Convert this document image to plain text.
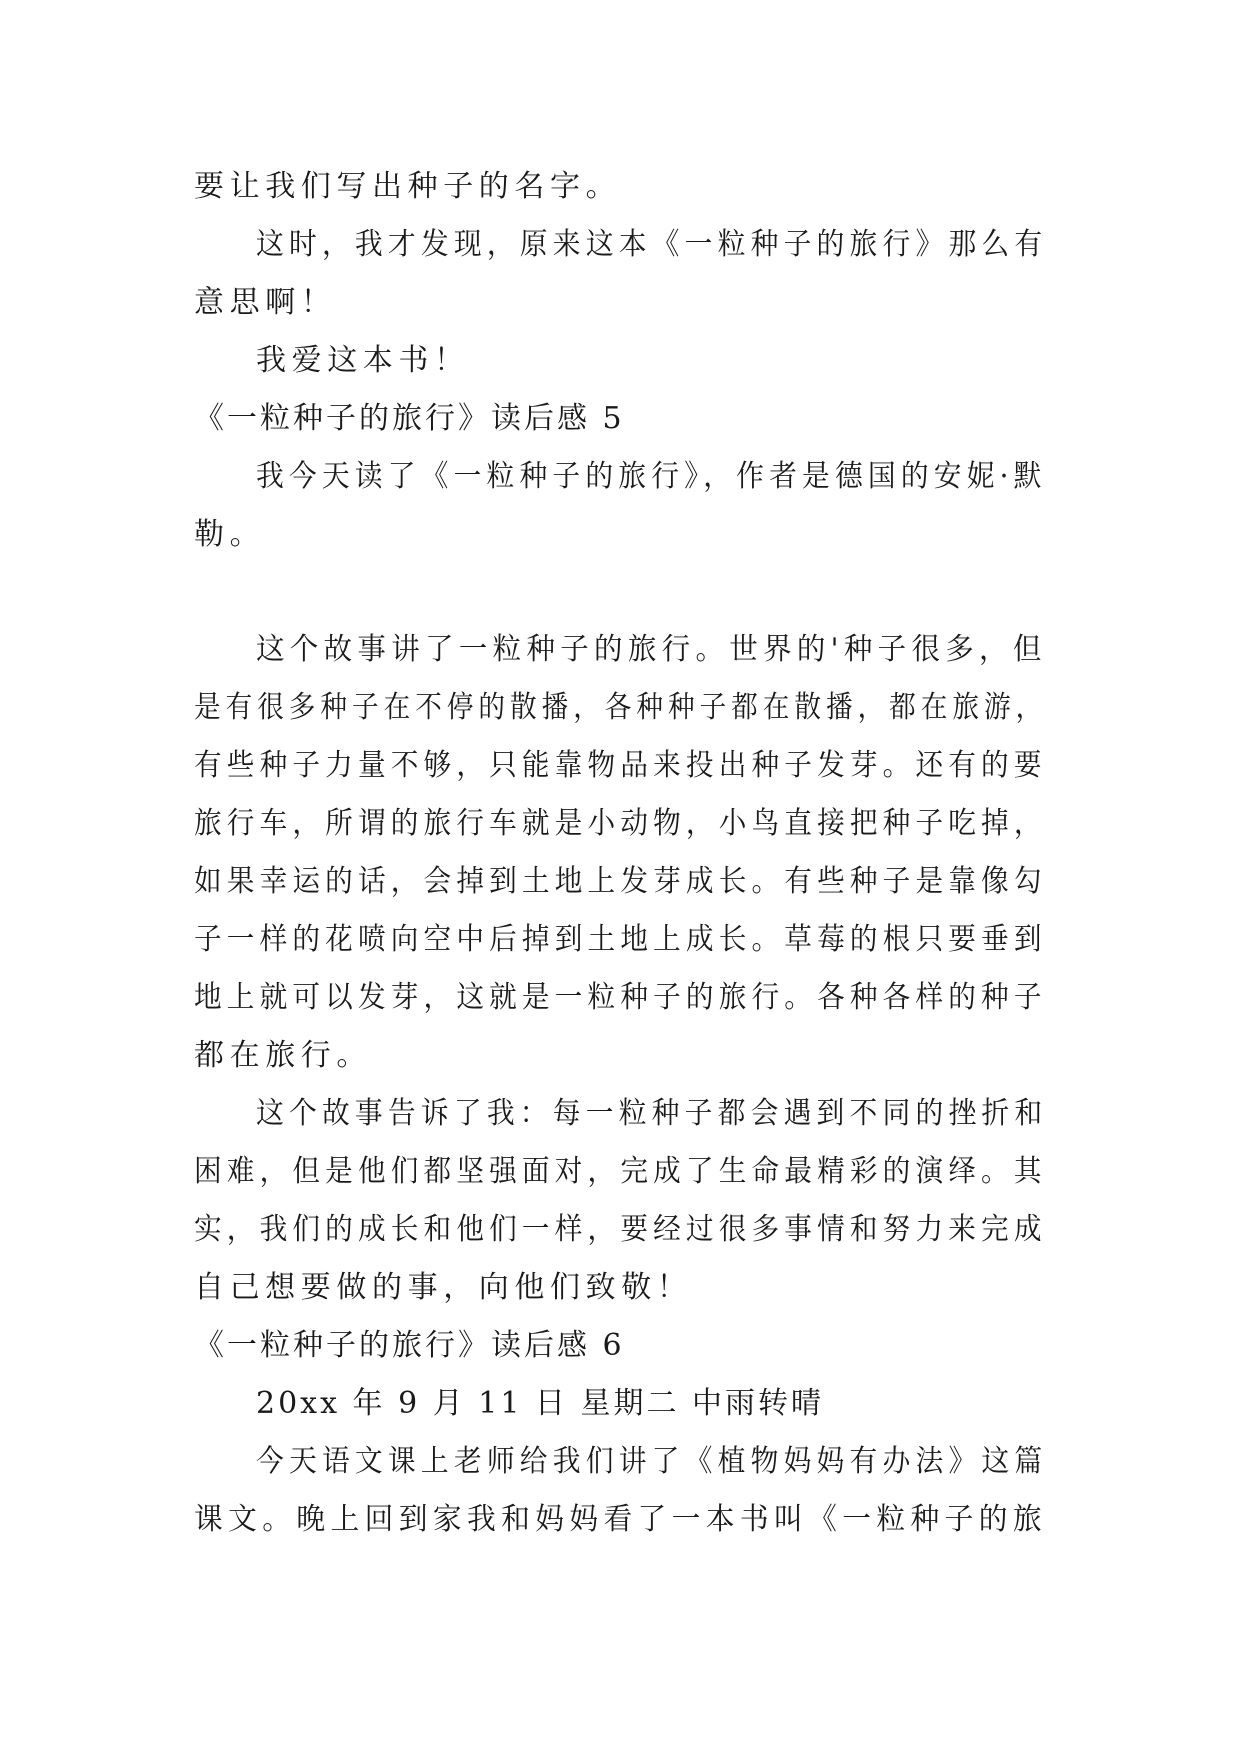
要让我们写出种子的名字。

这时，我才发现，原来这本《一粒种子的旅行》那么有

意思啊！

我爱这本书！

《一粒种子的旅行》读后感 5

我今天读了《一粒种子的旅行》，作者是德国的安妮·默

勒。

这个故事讲了一粒种子的旅行。世界的'种子很多，但

是有很多种子在不停的散播，各种种子都在散播，都在旅游，

有些种子力量不够，只能靠物品来投出种子发芽。还有的要

旅行车，所谓的旅行车就是小动物，小鸟直接把种子吃掉，

如果幸运的话，会掉到土地上发芽成长。有些种子是靠像勾

子一样的花喷向空中后掉到土地上成长。草莓的根只要垂到

地上就可以发芽，这就是一粒种子的旅行。各种各样的种子

都在旅行。

这个故事告诉了我：每一粒种子都会遇到不同的挫折和

困难，但是他们都坚强面对，完成了生命最精彩的演绎。其

实，我们的成长和他们一样，要经过很多事情和努力来完成

自己想要做的事，向他们致敬！

《一粒种子的旅行》读后感 6

20xx 年 9 月 11 日 星期二 中雨转晴

今天语文课上老师给我们讲了《植物妈妈有办法》这篇

课文。晚上回到家我和妈妈看了一本书叫《一粒种子的旅
